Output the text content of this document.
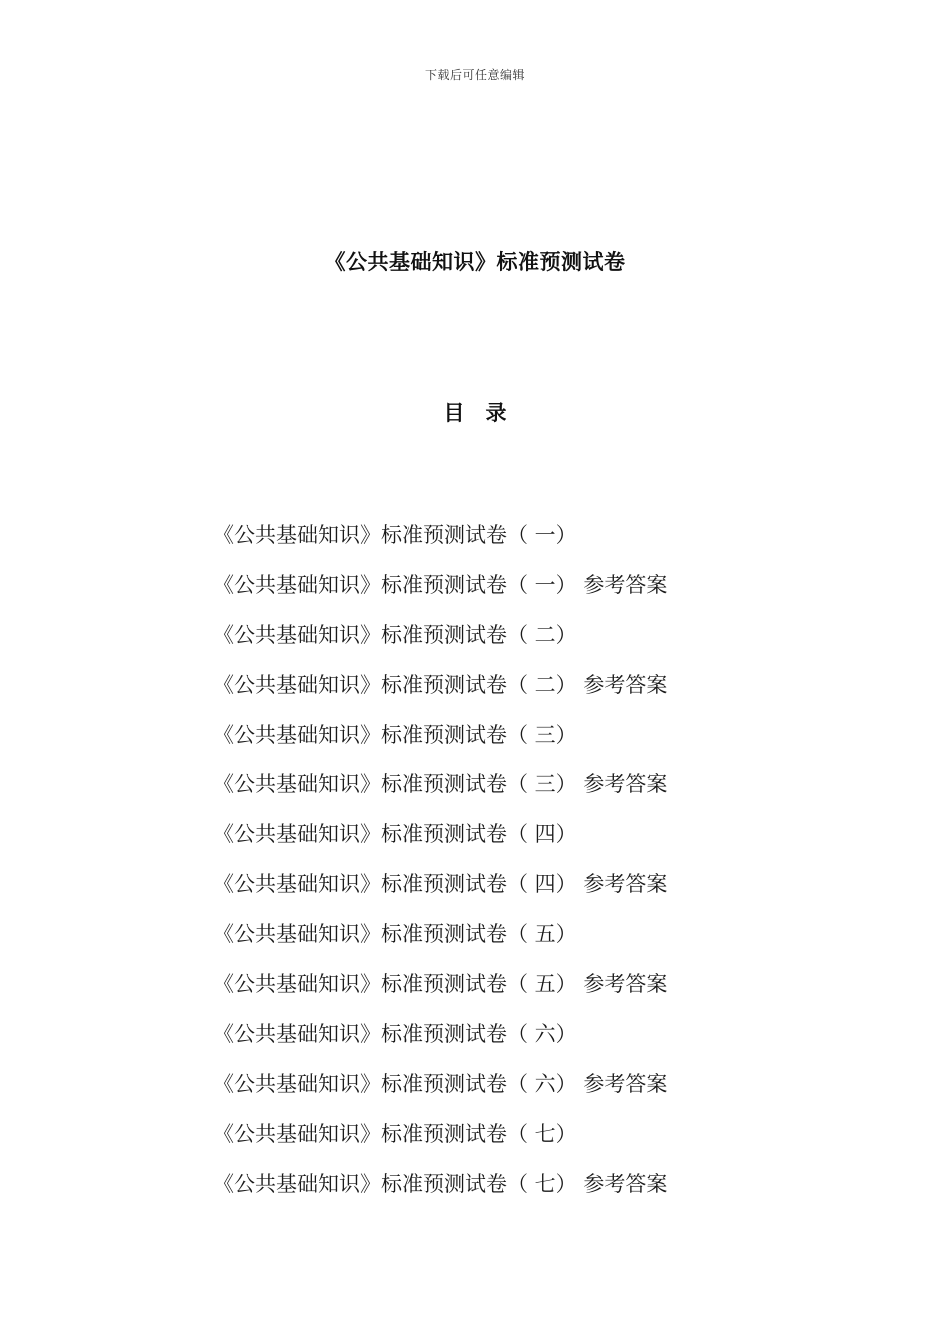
下载后可任意编辑
《公共基础知识》标准预测试卷
目　录
《公共基础知识》标准预测试卷（ 一）
《公共基础知识》标准预测试卷（ 一） 参考答案
《公共基础知识》标准预测试卷（ 二）
《公共基础知识》标准预测试卷（ 二） 参考答案
《公共基础知识》标准预测试卷（ 三）
《公共基础知识》标准预测试卷（ 三） 参考答案
《公共基础知识》标准预测试卷（ 四）
《公共基础知识》标准预测试卷（ 四） 参考答案
《公共基础知识》标准预测试卷（ 五）
《公共基础知识》标准预测试卷（ 五） 参考答案
《公共基础知识》标准预测试卷（ 六）
《公共基础知识》标准预测试卷（ 六） 参考答案
《公共基础知识》标准预测试卷（ 七）
《公共基础知识》标准预测试卷（ 七） 参考答案
